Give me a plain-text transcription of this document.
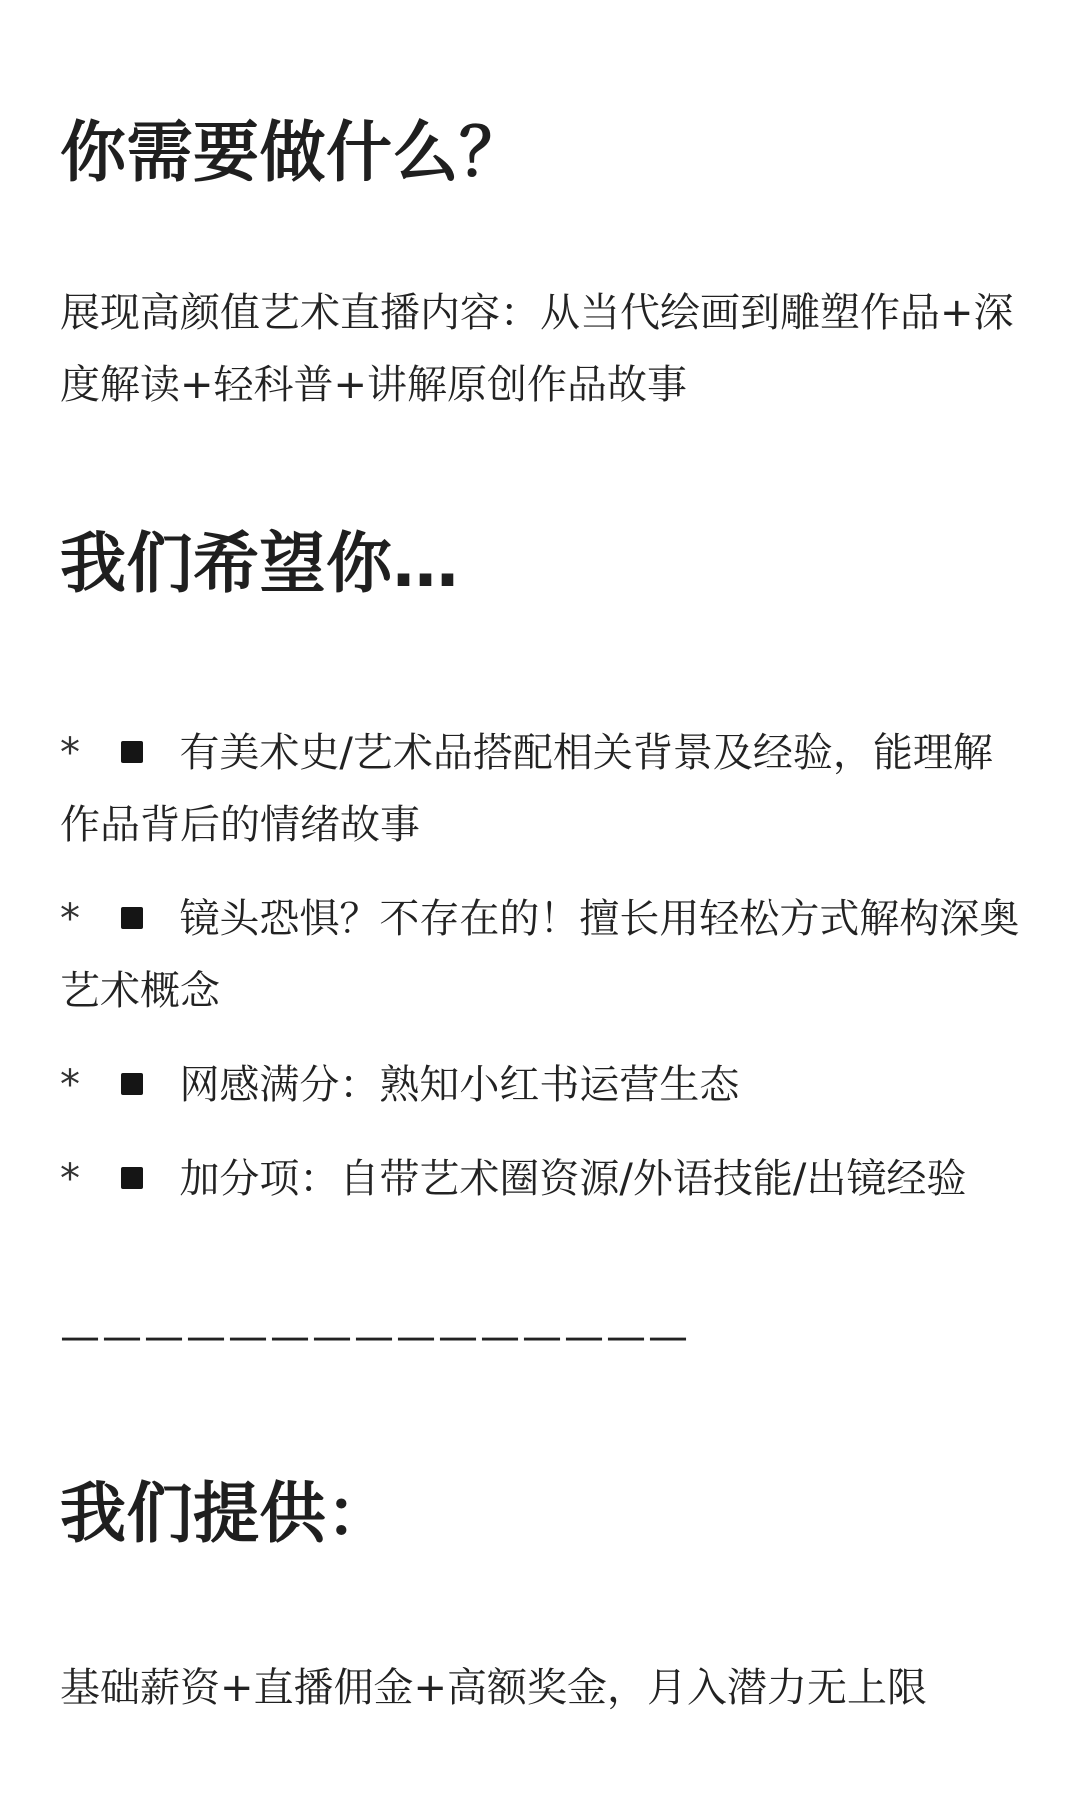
你需要做什么？

展现高颜值艺术直播内容：从当代绘画到雕塑作品+深度解读+轻科普+讲解原创作品故事

我们希望你…
* 有美术史/艺术品搭配相关背景及经验，能理解作品背后的情绪故事
* 镜头恐惧？不存在的！擅长用轻松方式解构深奥艺术概念
* 网感满分：熟知小红书运营生态
* 加分项：自带艺术圈资源/外语技能/出镜经验
———————————————
我们提供：

基础薪资+直播佣金+高额奖金，月入潜力无上限
